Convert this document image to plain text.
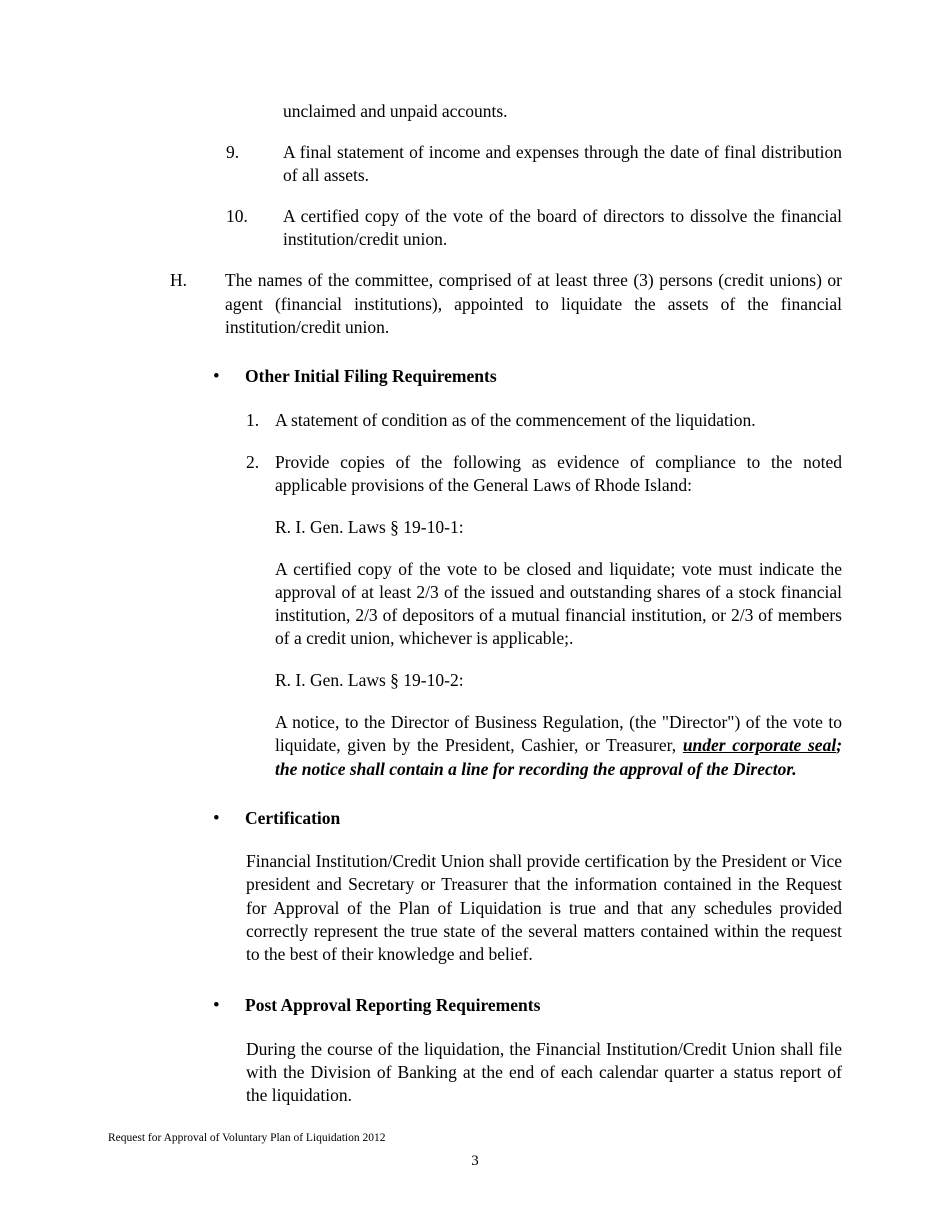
unclaimed and unpaid accounts.
9.	A final statement of income and expenses through the date of final distribution of all assets.
10.	A certified copy of the vote of the board of directors to dissolve the financial institution/credit union.
H.	The names of the committee, comprised of at least three (3) persons (credit unions) or agent (financial institutions), appointed to liquidate the assets of the financial institution/credit union.
•	Other Initial Filing Requirements
1. A statement of condition as of the commencement of the liquidation.
2. Provide copies of the following as evidence of compliance to the noted applicable provisions of the General Laws of Rhode Island:
R. I. Gen. Laws § 19-10-1:
A certified copy of the vote to be closed and liquidate; vote must indicate the approval of at least 2/3 of the issued and outstanding shares of a stock financial institution, 2/3 of depositors of a mutual financial institution, or 2/3 of members of a credit union, whichever is applicable;.
R. I. Gen. Laws § 19-10-2:
A notice, to the Director of Business Regulation, (the "Director") of the vote to liquidate, given by the President, Cashier, or Treasurer, under corporate seal; the notice shall contain a line for recording the approval of the Director.
•	Certification
Financial Institution/Credit Union shall provide certification by the President or Vice president and Secretary or Treasurer that the information contained in the Request for Approval of the Plan of Liquidation is true and that any schedules provided correctly represent the true state of the several matters contained within the request to the best of their knowledge and belief.
•	Post Approval Reporting Requirements
During the course of the liquidation, the Financial Institution/Credit Union shall file with the Division of Banking at the end of each calendar quarter a status report of the liquidation.
Request for Approval of Voluntary Plan of Liquidation 2012
3
